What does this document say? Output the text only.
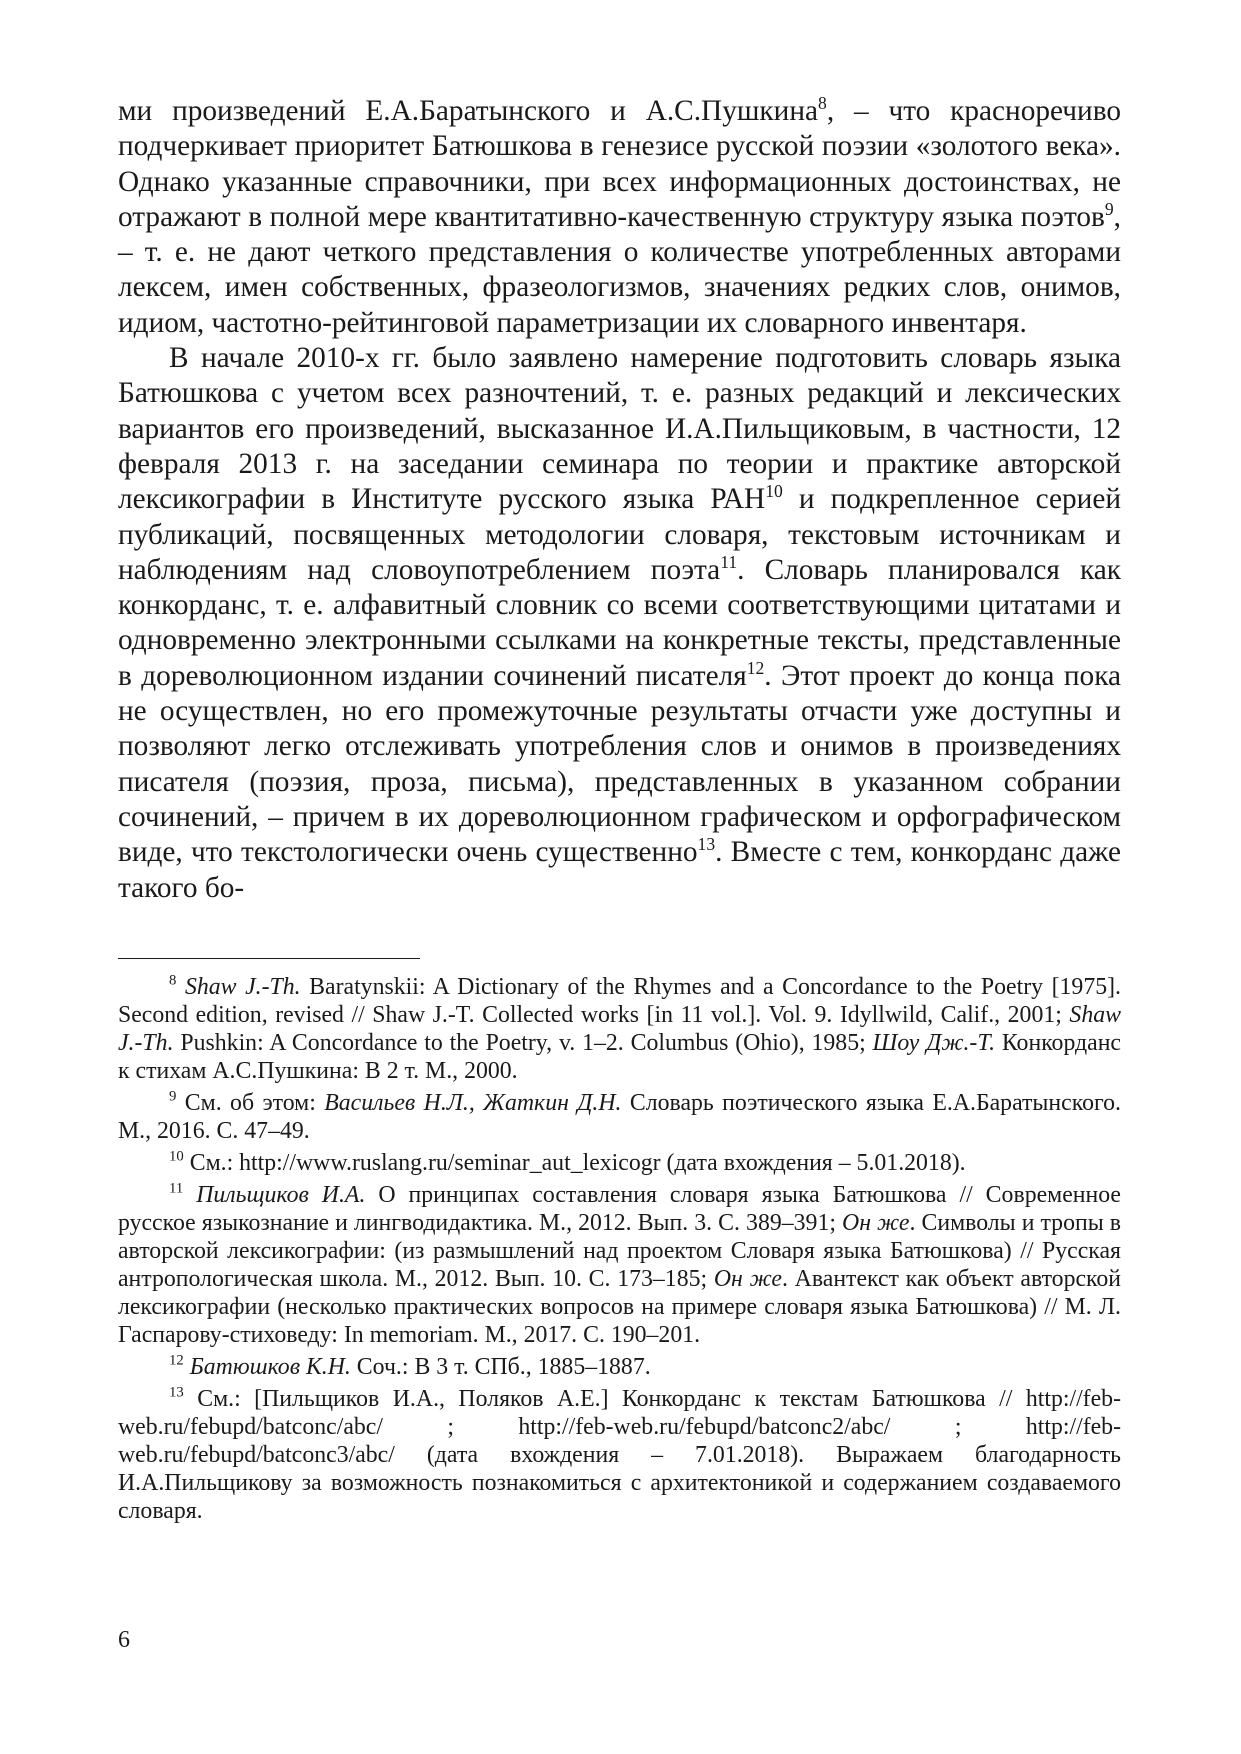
ми произведений Е.А.Баратынского и А.С.Пушкина$^8$, – что красноречиво подчеркивает приоритет Батюшкова в генезисе русской поэзии «золотого века». Однако указанные справочники, при всех информационных достоинствах, не отражают в полной мере квантитативно-качественную структуру языка поэтов$^9$, – т. е. не дают четкого представления о количестве употребленных авторами лексем, имен собственных, фразеологизмов, значениях редких слов, онимов, идиом, частотно-рейтинговой параметризации их словарного инвентаря.

В начале 2010-х гг. было заявлено намерение подготовить словарь языка Батюшкова с учетом всех разночтений, т. е. разных редакций и лексических вариантов его произведений, высказанное И.А.Пильщиковым, в частности, 12 февраля 2013 г. на заседании семинара по теории и практике авторской лексикографии в Институте русского языка РАН$^{10}$ и подкрепленное серией публикаций, посвященных методологии словаря, текстовым источникам и наблюдениям над словоупотреблением поэта$^{11}$. Словарь планировался как конкорданс, т. е. алфавитный словник со всеми соответствующими цитатами и одновременно электронными ссылками на конкретные тексты, представленные в дореволюционном издании сочинений писателя$^{12}$. Этот проект до конца пока не осуществлен, но его промежуточные результаты отчасти уже доступны и позволяют легко отслеживать употребления слов и онимов в произведениях писателя (поэзия, проза, письма), представленных в указанном собрании сочинений, – причем в их дореволюционном графическом и орфографическом виде, что текстологически очень существенно$^{13}$. Вместе с тем, конкорданс даже такого бо-

$^8$ Shaw J.-Th. Baratynskii: A Dictionary of the Rhymes and a Concordance to the Poetry [1975]. Second edition, revised // Shaw J.-T. Collected works [in 11 vol.]. Vol. 9. Idyllwild, Calif., 2001; Shaw J.-Th. Pushkin: A Concordance to the Poetry, v. 1–2. Columbus (Ohio), 1985; Шоу Дж.-Т. Конкорданс к стихам А.С.Пушкина: В 2 т. М., 2000.

$^9$ См. об этом: Васильев Н.Л., Жаткин Д.Н. Словарь поэтического языка Е.А.Баратынского. М., 2016. С. 47–49.

$^{10}$ См.: http://www.ruslang.ru/seminar_aut_lexicogr (дата вхождения – 5.01.2018).

$^{11}$ Пильщиков И.А. О принципах составления словаря языка Батюшкова // Современное русское языкознание и лингводидактика. М., 2012. Вып. 3. С. 389–391; Он же. Символы и тропы в авторской лексикографии: (из размышлений над проектом Словаря языка Батюшкова) // Русская антропологическая школа. М., 2012. Вып. 10. С. 173–185; Он же. Авантекст как объект авторской лексикографии (несколько практических вопросов на примере словаря языка Батюшкова) // М. Л. Гаспарову-стиховеду: In memoriam. М., 2017. С. 190–201.

$^{12}$ Батюшков К.Н. Соч.: В 3 т. СПб., 1885–1887.

$^{13}$ См.: [Пильщиков И.А., Поляков А.Е.] Конкорданс к текстам Батюшкова // http://feb-web.ru/febupd/batconc/abc/ ; http://feb-web.ru/febupd/batconc2/abc/ ; http://feb-web.ru/febupd/batconc3/abc/ (дата вхождения – 7.01.2018). Выражаем благодарность И.А.Пильщикову за возможность познакомиться с архитектоникой и содержанием создаваемого словаря.

6
